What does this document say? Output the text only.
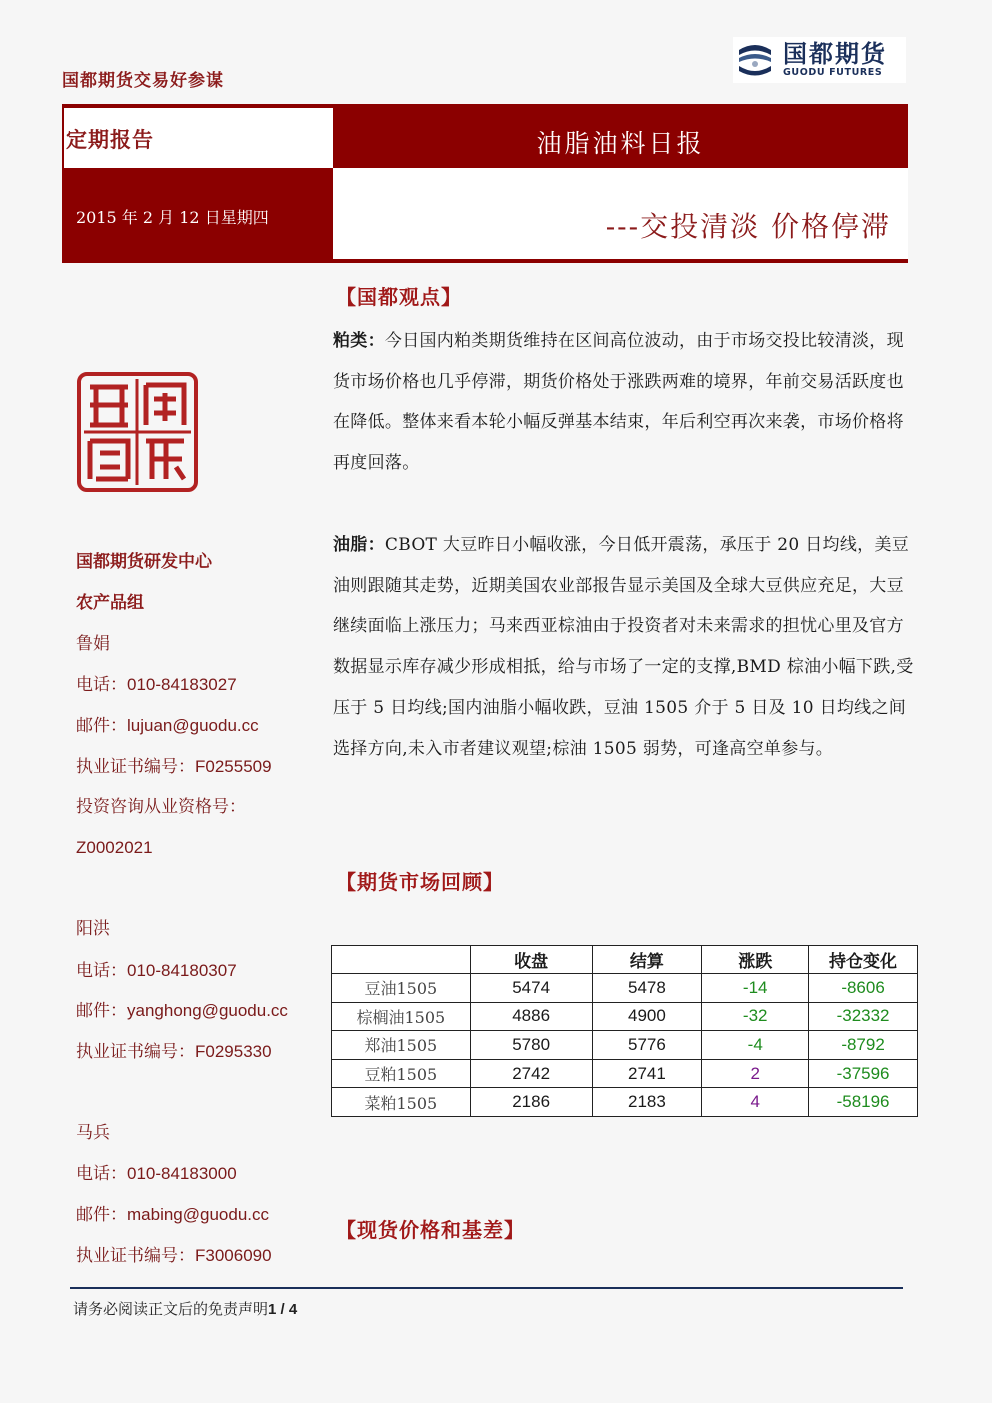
国都期货交易好参谋
国都期货
GUODU FUTURES
定期报告	油脂油料日报
2015 年 2 月 12 日星期四	---交投清淡 价格停滞
国都期货研发中心
农产品组
鲁娟
电话：010-84183027
邮件：lujuan@guodu.cc
执业证书编号：F0255509
投资咨询从业资格号：
Z0002021
阳洪
电话：010-84180307
邮件：yanghong@guodu.cc
执业证书编号：F0295330
马兵
电话：010-84183000
邮件：mabing@guodu.cc
执业证书编号：F3006090
【国都观点】
粕类：今日国内粕类期货维持在区间高位波动，由于市场交投比较清淡，现货市场价格也几乎停滞，期货价格处于涨跌两难的境界，年前交易活跃度也在降低。整体来看本轮小幅反弹基本结束，年后利空再次来袭，市场价格将再度回落。
油脂：CBOT 大豆昨日小幅收涨，今日低开震荡，承压于 20 日均线，美豆油则跟随其走势，近期美国农业部报告显示美国及全球大豆供应充足，大豆继续面临上涨压力；马来西亚棕油由于投资者对未来需求的担忧心里及官方数据显示库存减少形成相抵，给与市场了一定的支撑,BMD 棕油小幅下跌,受压于 5 日均线;国内油脂小幅收跌，豆油 1505 介于 5 日及 10 日均线之间选择方向,未入市者建议观望;棕油 1505 弱势，可逢高空单参与。
【期货市场回顾】
	收盘	结算	涨跌	持仓变化
豆油1505	5474	5478	-14	-8606
棕榈油1505	4886	4900	-32	-32332
郑油1505	5780	5776	-4	-8792
豆粕1505	2742	2741	2	-37596
菜粕1505	2186	2183	4	-58196
【现货价格和基差】
请务必阅读正文后的免责声明1 / 4
